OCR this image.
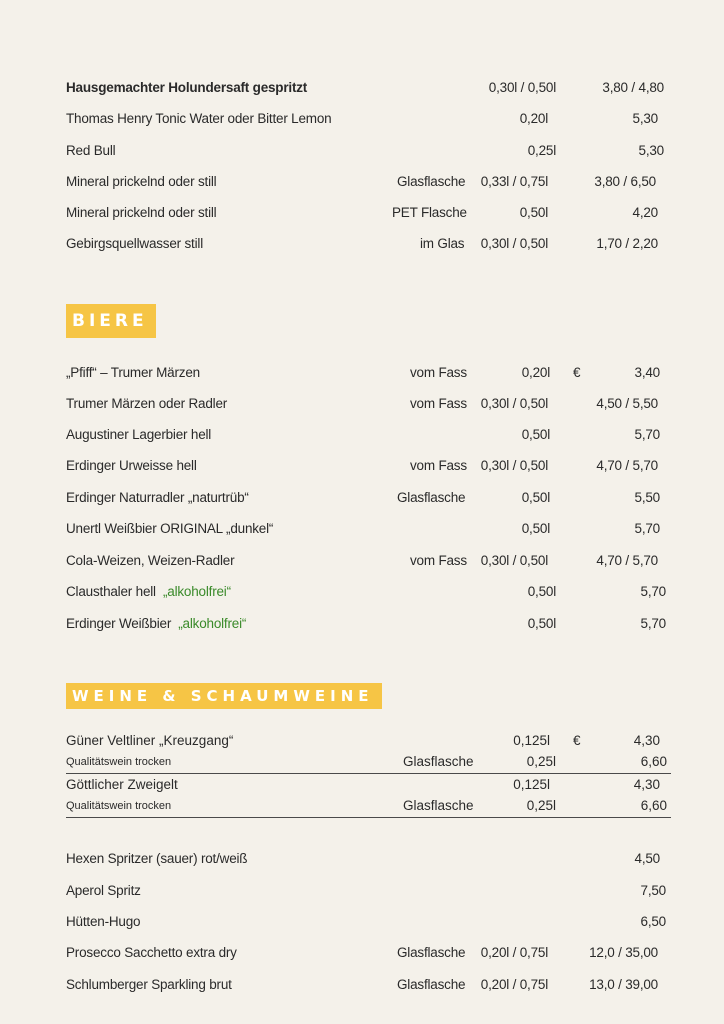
Hausgemachter Holundersaft gespritzt	0,30l / 0,50l	3,80 / 4,80
Thomas Henry Tonic Water oder Bitter Lemon	0,20l	5,30
Red Bull	0,25l	5,30
Mineral prickelnd oder still	Glasflasche 0,33l / 0,75l	3,80 / 6,50
Mineral prickelnd oder still	PET Flasche	0,50l	4,20
Gebirgsquellwasser still	im Glas 0,30l / 0,50l	1,70 / 2,20
BIERE
„Pfiff“ – Trumer Märzen	vom Fass	0,20l €	3,40
Trumer Märzen oder Radler	vom Fass 0,30l / 0,50l	4,50 / 5,50
Augustiner Lagerbier hell	0,50l	5,70
Erdinger Urweisse hell	vom Fass 0,30l / 0,50l	4,70 / 5,70
Erdinger Naturradler „naturtrüb“	Glasflasche	0,50l	5,50
Unertl Weißbier ORIGINAL „dunkel“	0,50l	5,70
Cola-Weizen, Weizen-Radler	vom Fass 0,30l / 0,50l	4,70 / 5,70
Clausthaler hell „alkoholfrei“	0,50l	5,70
Erdinger Weißbier „alkoholfrei“	0,50l	5,70
WEINE & SCHAUMWEINE
Güner Veltliner „Kreuzgang“	0,125l €	4,30
Qualitätswein trocken	Glasflasche	0,25l	6,60
Göttlicher Zweigelt	0,125l	4,30
Qualitätswein trocken	Glasflasche	0,25l	6,60
Hexen Spritzer (sauer) rot/weiß	4,50
Aperol Spritz	7,50
Hütten-Hugo	6,50
Prosecco Sacchetto extra dry	Glasflasche 0,20l / 0,75l	12,0 / 35,00
Schlumberger Sparkling brut	Glasflasche 0,20l / 0,75l	13,0 / 39,00
